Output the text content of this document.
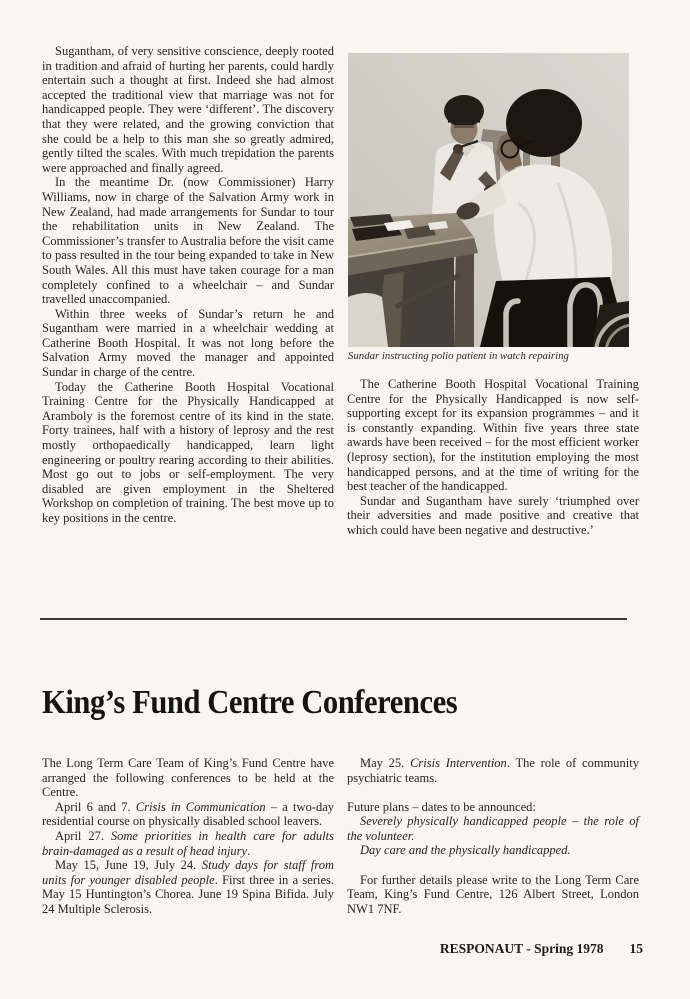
Sugantham, of very sensitive conscience, deeply rooted in tradition and afraid of hurting her parents, could hardly entertain such a thought at first. Indeed she had almost accepted the traditional view that marriage was not for handicapped people. They were ‘different’. The discovery that they were related, and the growing conviction that she could be a help to this man she so greatly admired, gently tilted the scales. With much trepidation the parents were approached and finally agreed.

In the meantime Dr. (now Commissioner) Harry Williams, now in charge of the Salvation Army work in New Zealand, had made arrangements for Sundar to tour the rehabilitation units in New Zealand. The Commissioner’s transfer to Australia before the visit came to pass resulted in the tour being expanded to take in New South Wales. All this must have taken courage for a man completely confined to a wheelchair – and Sundar travelled unaccompanied.

Within three weeks of Sundar’s return he and Sugantham were married in a wheelchair wedding at Catherine Booth Hospital. It was not long before the Salvation Army moved the manager and appointed Sundar in charge of the centre.

Today the Catherine Booth Hospital Vocational Training Centre for the Physically Handicapped at Aramboly is the foremost centre of its kind in the state. Forty trainees, half with a history of leprosy and the rest mostly orthopaedically handicapped, learn light engineering or poultry rearing according to their abilities. Most go out to jobs or self-employment. The very disabled are given employment in the Sheltered Workshop on completion of training. The best move up to key positions in the centre.

Sundar instructing polio patient in watch repairing

The Catherine Booth Hospital Vocational Training Centre for the Physically Handicapped is now self-supporting except for its expansion programmes – and it is constantly expanding. Within five years three state awards have been received – for the most efficient worker (leprosy section), for the institution employing the most handicapped persons, and at the time of writing for the best teacher of the handicapped.

Sundar and Sugantham have surely ‘triumphed over their adversities and made positive and creative that which could have been negative and destructive.’

King’s Fund Centre Conferences

The Long Term Care Team of King’s Fund Centre have arranged the following conferences to be held at the Centre.

April 6 and 7. Crisis in Communication – a two-day residential course on physically disabled school leavers.

April 27. Some priorities in health care for adults brain-damaged as a result of head injury.

May 15, June 19, July 24. Study days for staff from units for younger disabled people. First three in a series. May 15 Huntington’s Chorea. June 19 Spina Bifida. July 24 Multiple Sclerosis.

May 25. Crisis Intervention. The role of community psychiatric teams.

Future plans – dates to be announced:

Severely physically handicapped people – the role of the volunteer.

Day care and the physically handicapped.

For further details please write to the Long Term Care Team, King’s Fund Centre, 126 Albert Street, London NW1 7NF.

RESPONAUT - Spring 1978 15
